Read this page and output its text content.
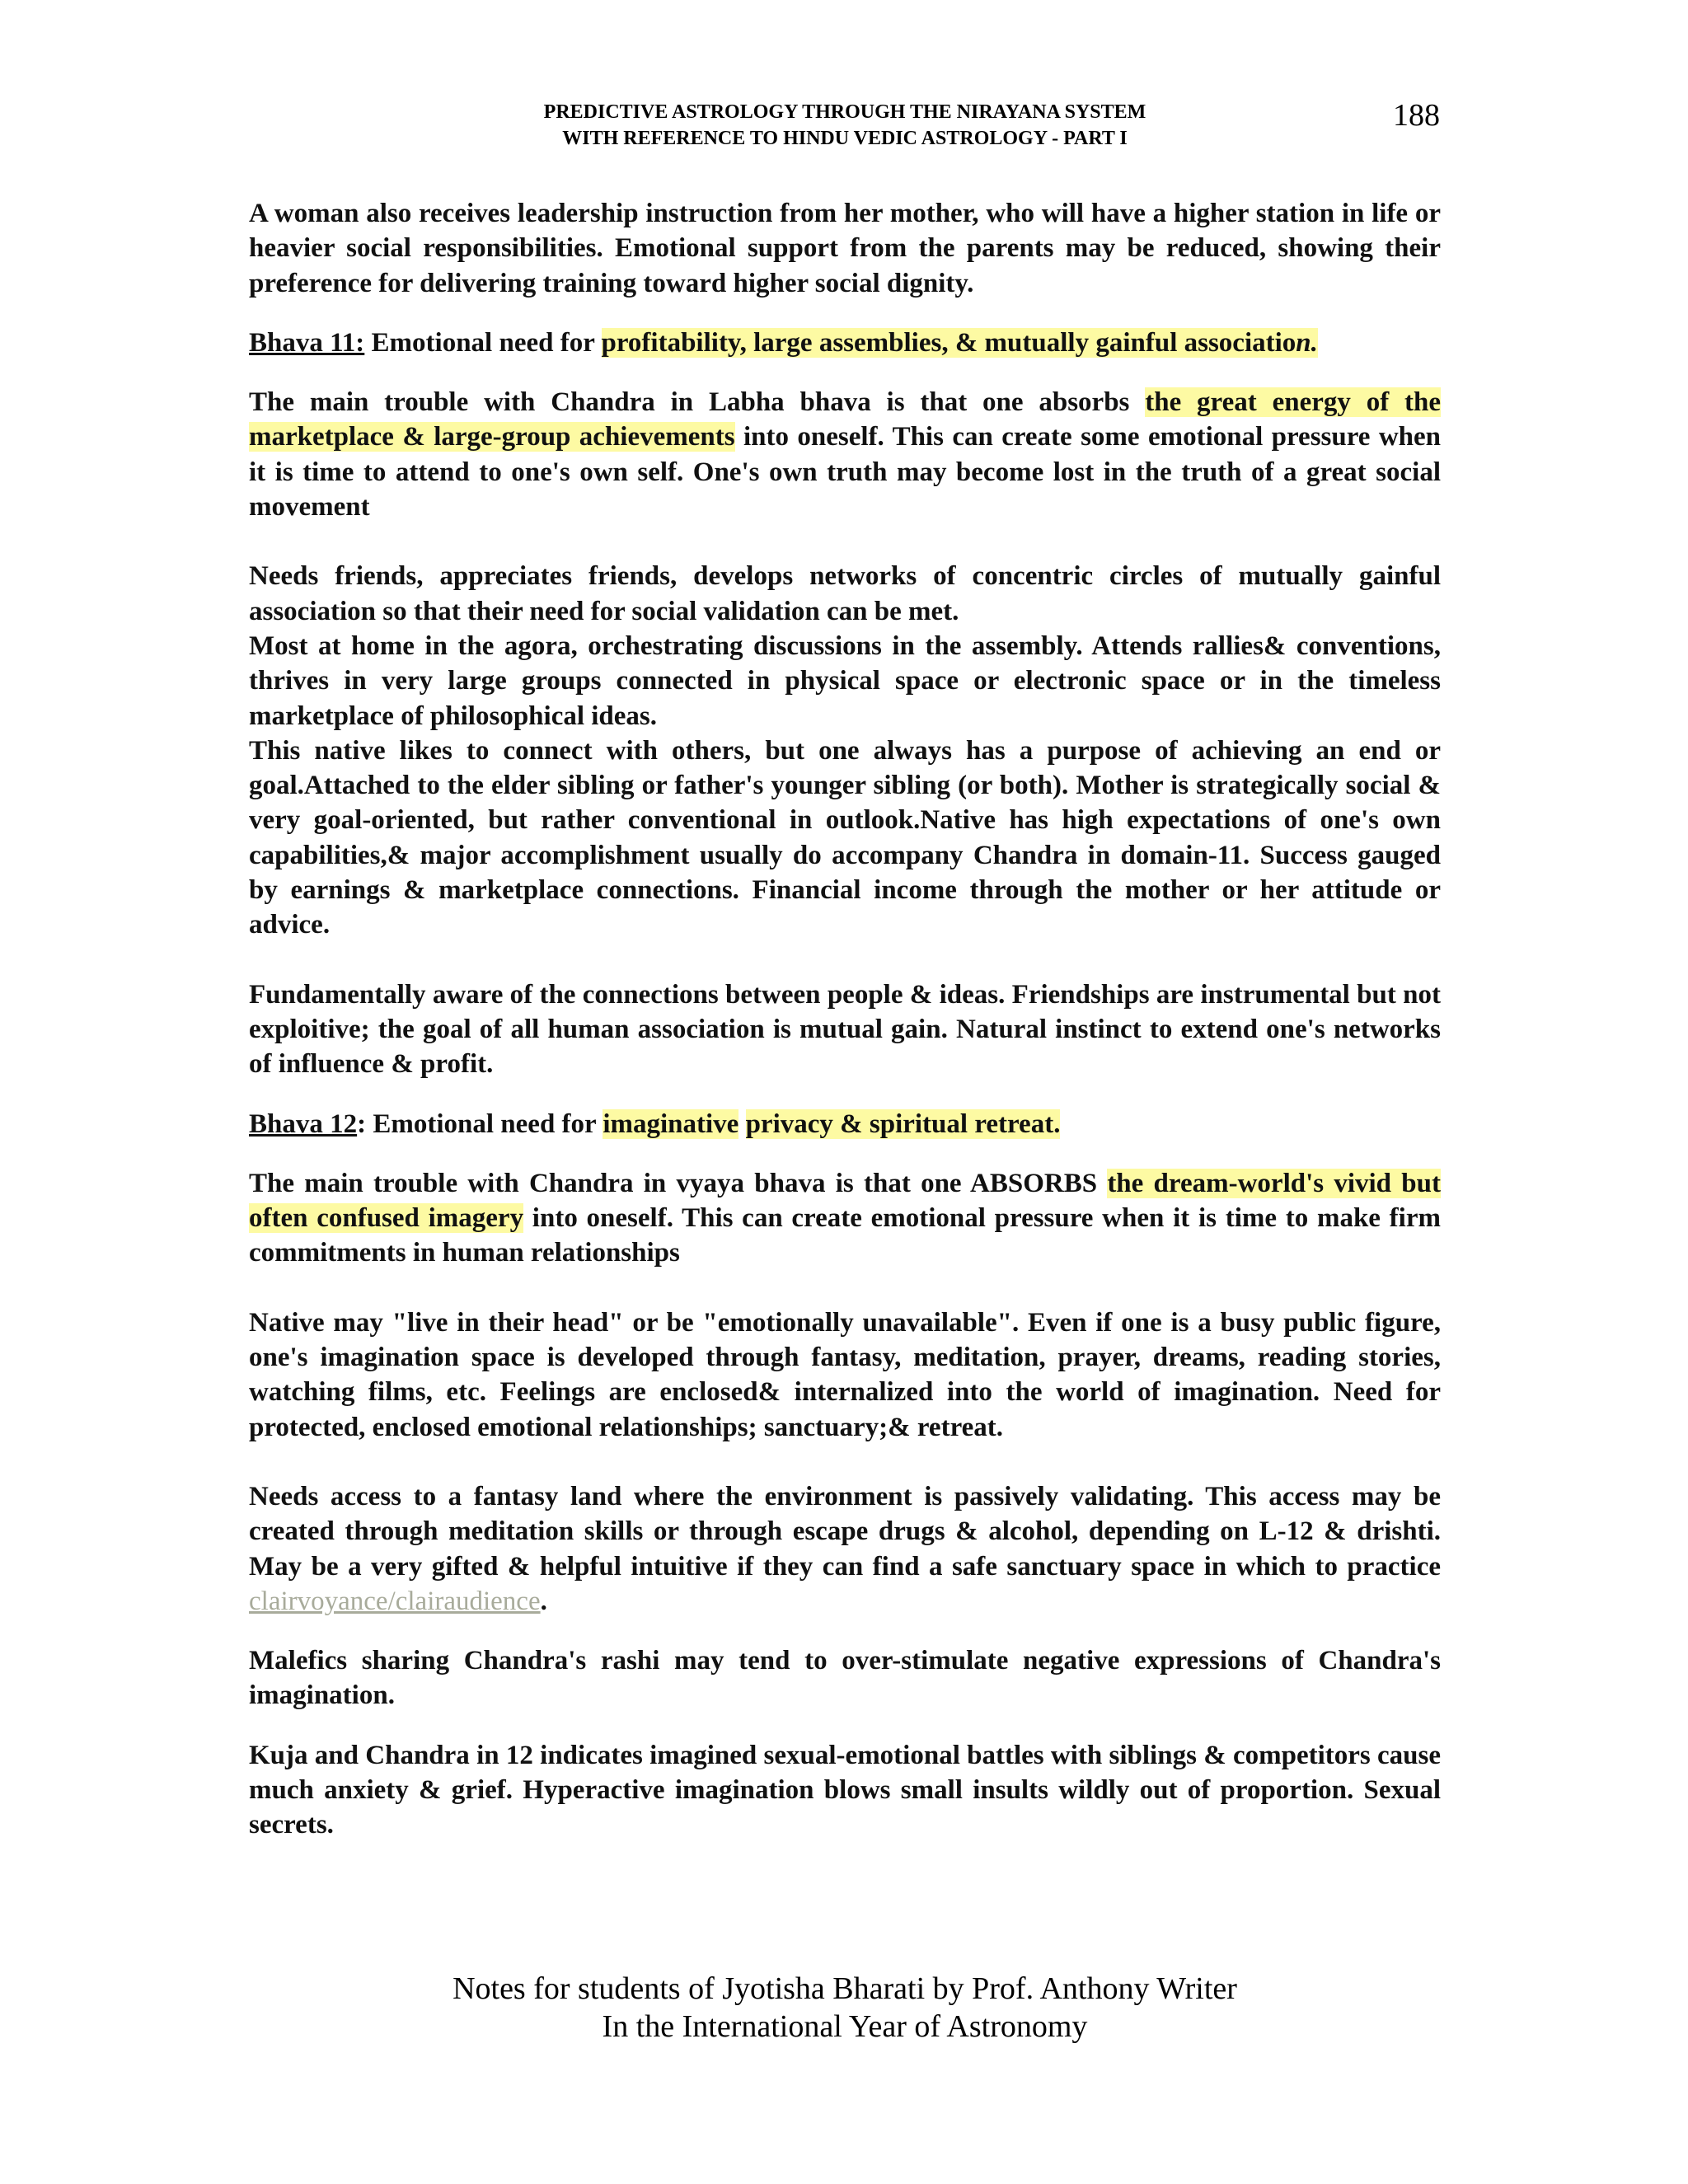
PREDICTIVE ASTROLOGY THROUGH THE NIRAYANA SYSTEM
WITH REFERENCE TO HINDU VEDIC ASTROLOGY - PART I
188

A woman also receives leadership instruction from her mother, who will have a higher station in life or heavier social responsibilities. Emotional support from the parents may be reduced, showing their preference for delivering training toward higher social dignity.

Bhava 11: Emotional need for profitability, large assemblies, & mutually gainful association.

The main trouble with Chandra in Labha bhava is that one absorbs the great energy of the marketplace & large-group achievements into oneself. This can create some emotional pressure when it is time to attend to one's own self. One's own truth may become lost in the truth of a great social movement

Needs friends, appreciates friends, develops networks of concentric circles of mutually gainful association so that their need for social validation can be met.

Most at home in the agora, orchestrating discussions in the assembly. Attends rallies& conventions, thrives in very large groups connected in physical space or electronic space or in the timeless marketplace of philosophical ideas.

This native likes to connect with others, but one always has a purpose of achieving an end or goal.Attached to the elder sibling or father's younger sibling (or both). Mother is strategically social & very goal-oriented, but rather conventional in outlook.Native has high expectations of one's own capabilities,& major accomplishment usually do accompany Chandra in domain-11. Success gauged by earnings & marketplace connections. Financial income through the mother or her attitude or advice.

Fundamentally aware of the connections between people & ideas. Friendships are instrumental but not exploitive; the goal of all human association is mutual gain. Natural instinct to extend one's networks of influence & profit.

Bhava 12: Emotional need for imaginative privacy & spiritual retreat.

The main trouble with Chandra in vyaya bhava is that one ABSORBS the dream-world's vivid but often confused imagery into oneself. This can create emotional pressure when it is time to make firm commitments in human relationships

Native may "live in their head" or be "emotionally unavailable". Even if one is a busy public figure, one's imagination space is developed through fantasy, meditation, prayer, dreams, reading stories, watching films, etc. Feelings are enclosed& internalized into the world of imagination. Need for protected, enclosed emotional relationships; sanctuary;& retreat.

Needs access to a fantasy land where the environment is passively validating. This access may be created through meditation skills or through escape drugs & alcohol, depending on L-12 & drishti. May be a very gifted & helpful intuitive if they can find a safe sanctuary space in which to practice clairvoyance/clairaudience.

Malefics sharing Chandra's rashi may tend to over-stimulate negative expressions of Chandra's imagination.

Kuja and Chandra in 12 indicates imagined sexual-emotional battles with siblings & competitors cause much anxiety & grief. Hyperactive imagination blows small insults wildly out of proportion. Sexual secrets.

Notes for students of Jyotisha Bharati by Prof. Anthony Writer
In the International Year of Astronomy
